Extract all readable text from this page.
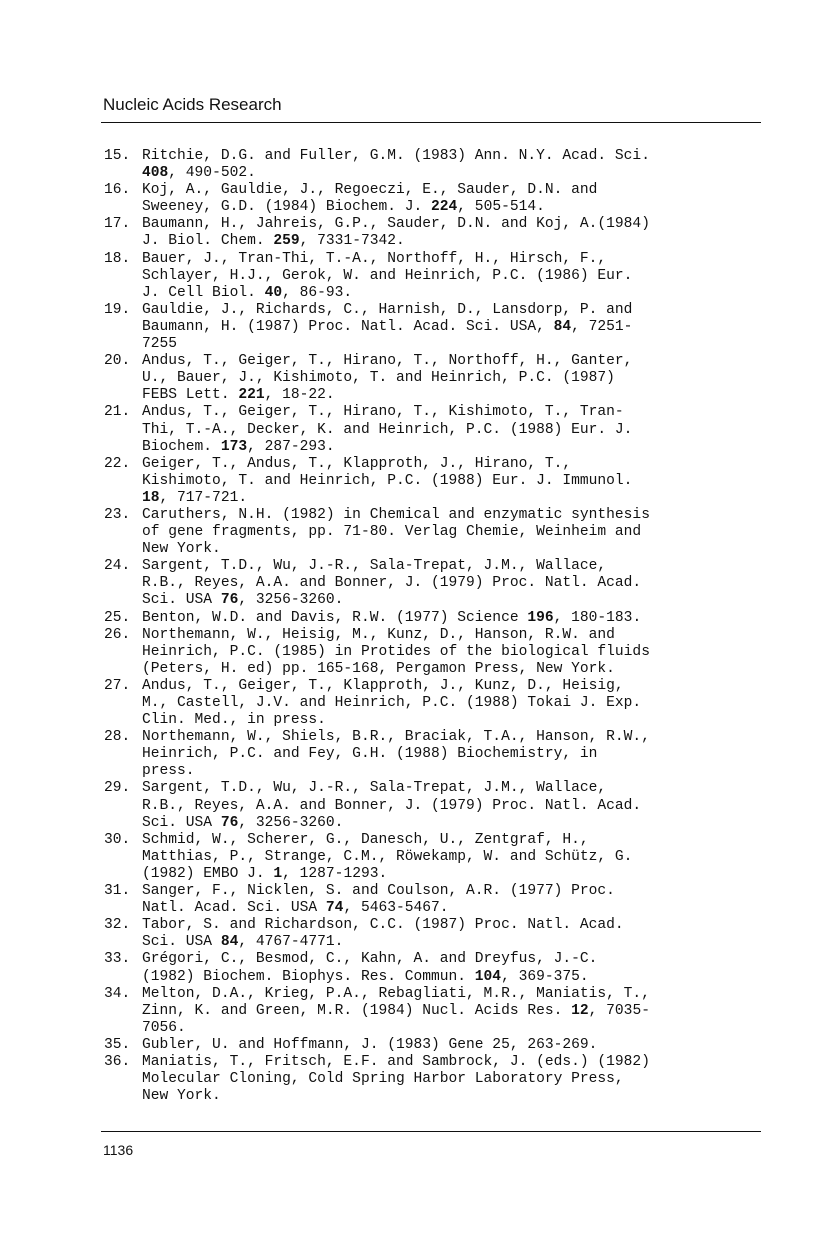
Nucleic Acids Research
15. Ritchie, D.G. and Fuller, G.M. (1983) Ann. N.Y. Acad. Sci.
408, 490-502.
16. Koj, A., Gauldie, J., Regoeczi, E., Sauder, D.N. and
Sweeney, G.D. (1984) Biochem. J. 224, 505-514.
17. Baumann, H., Jahreis, G.P., Sauder, D.N. and Koj, A.(1984)
J. Biol. Chem. 259, 7331-7342.
18. Bauer, J., Tran-Thi, T.-A., Northoff, H., Hirsch, F.,
Schlayer, H.J., Gerok, W. and Heinrich, P.C. (1986) Eur.
J. Cell Biol. 40, 86-93.
19. Gauldie, J., Richards, C., Harnish, D., Lansdorp, P. and
Baumann, H. (1987) Proc. Natl. Acad. Sci. USA, 84, 7251-
7255
20. Andus, T., Geiger, T., Hirano, T., Northoff, H., Ganter,
U., Bauer, J., Kishimoto, T. and Heinrich, P.C. (1987)
FEBS Lett. 221, 18-22.
21. Andus, T., Geiger, T., Hirano, T., Kishimoto, T., Tran-
Thi, T.-A., Decker, K. and Heinrich, P.C. (1988) Eur. J.
Biochem. 173, 287-293.
22. Geiger, T., Andus, T., Klapproth, J., Hirano, T.,
Kishimoto, T. and Heinrich, P.C. (1988) Eur. J. Immunol.
18, 717-721.
23. Caruthers, N.H. (1982) in Chemical and enzymatic synthesis
of gene fragments, pp. 71-80. Verlag Chemie, Weinheim and
New York.
24. Sargent, T.D., Wu, J.-R., Sala-Trepat, J.M., Wallace,
R.B., Reyes, A.A. and Bonner, J. (1979) Proc. Natl. Acad.
Sci. USA 76, 3256-3260.
25. Benton, W.D. and Davis, R.W. (1977) Science 196, 180-183.
26. Northemann, W., Heisig, M., Kunz, D., Hanson, R.W. and
Heinrich, P.C. (1985) in Protides of the biological fluids
(Peters, H. ed) pp. 165-168, Pergamon Press, New York.
27. Andus, T., Geiger, T., Klapproth, J., Kunz, D., Heisig,
M., Castell, J.V. and Heinrich, P.C. (1988) Tokai J. Exp.
Clin. Med., in press.
28. Northemann, W., Shiels, B.R., Braciak, T.A., Hanson, R.W.,
Heinrich, P.C. and Fey, G.H. (1988) Biochemistry, in
press.
29. Sargent, T.D., Wu, J.-R., Sala-Trepat, J.M., Wallace,
R.B., Reyes, A.A. and Bonner, J. (1979) Proc. Natl. Acad.
Sci. USA 76, 3256-3260.
30. Schmid, W., Scherer, G., Danesch, U., Zentgraf, H.,
Matthias, P., Strange, C.M., Röwekamp, W. and Schütz, G.
(1982) EMBO J. 1, 1287-1293.
31. Sanger, F., Nicklen, S. and Coulson, A.R. (1977) Proc.
Natl. Acad. Sci. USA 74, 5463-5467.
32. Tabor, S. and Richardson, C.C. (1987) Proc. Natl. Acad.
Sci. USA 84, 4767-4771.
33. Grégori, C., Besmod, C., Kahn, A. and Dreyfus, J.-C.
(1982) Biochem. Biophys. Res. Commun. 104, 369-375.
34. Melton, D.A., Krieg, P.A., Rebagliati, M.R., Maniatis, T.,
Zinn, K. and Green, M.R. (1984) Nucl. Acids Res. 12, 7035-
7056.
35. Gubler, U. and Hoffmann, J. (1983) Gene 25, 263-269.
36. Maniatis, T., Fritsch, E.F. and Sambrock, J. (eds.) (1982)
Molecular Cloning, Cold Spring Harbor Laboratory Press,
New York.
1136
